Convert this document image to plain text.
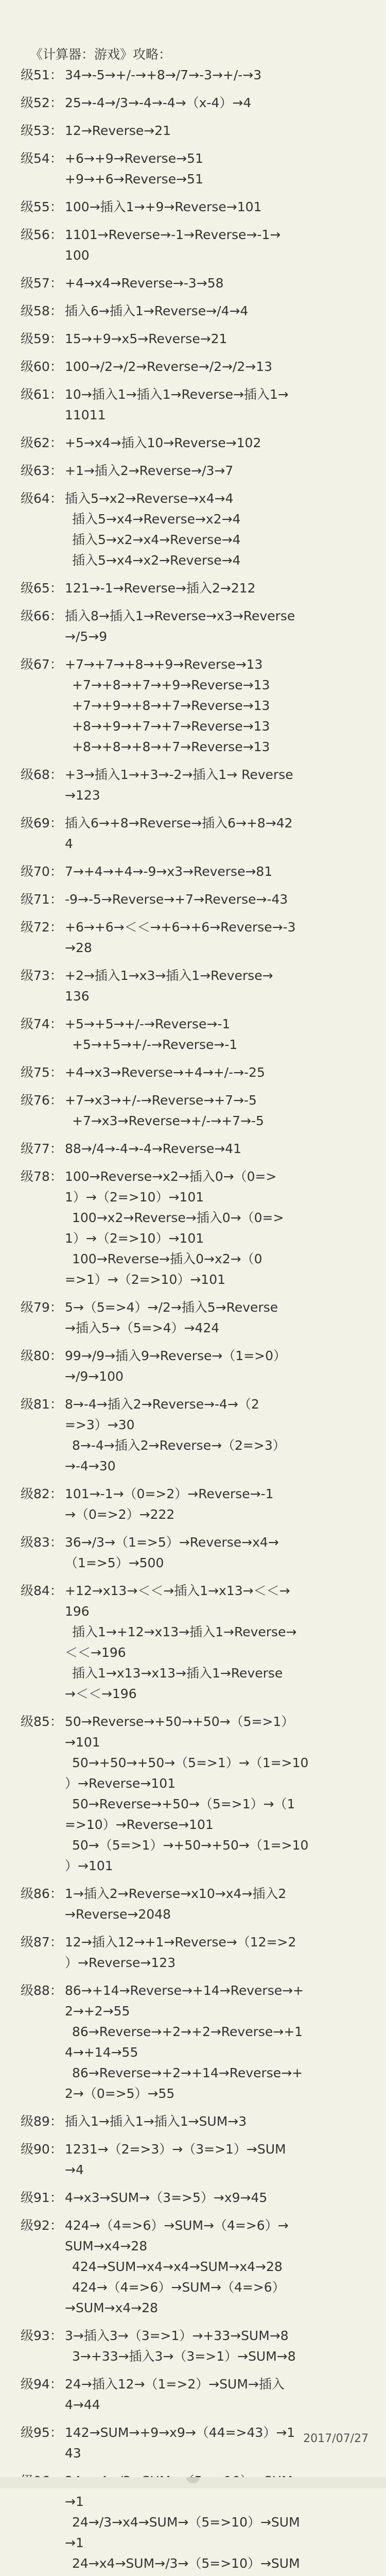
《计算器：游戏》攻略：
级51： 34→-5→+/-→+8→/7→-3→+/-→3
级52： 25→-4→/3→-4→-4→（x-4）→4
级53： 12→Reverse→21
级54： +6→+9→Reverse→51
+9→+6→Reverse→51
级55： 100→插入1→+9→Reverse→101
级56： 1101→Reverse→-1→Reverse→-1→
100
级57： +4→x4→Reverse→-3→58
级58： 插入6→插入1→Reverse→/4→4
级59： 15→+9→x5→Reverse→21
级60： 100→/2→/2→Reverse→/2→/2→13
级61： 10→插入1→插入1→Reverse→插入1→
11011
级62： +5→x4→插入10→Reverse→102
级63： +1→插入2→Reverse→/3→7
级64： 插入5→x2→Reverse→x4→4
插入5→x4→Reverse→x2→4
插入5→x2→x4→Reverse→4
插入5→x4→x2→Reverse→4
级65： 121→-1→Reverse→插入2→212
级66： 插入8→插入1→Reverse→x3→Reverse
→/5→9
级67： +7→+7→+8→+9→Reverse→13
+7→+8→+7→+9→Reverse→13
+7→+9→+8→+7→Reverse→13
+8→+9→+7→+7→Reverse→13
+8→+8→+8→+7→Reverse→13
级68： +3→插入1→+3→-2→插入1→ Reverse
→123
级69： 插入6→+8→Reverse→插入6→+8→42
4
级70： 7→+4→+4→-9→x3→Reverse→81
级71： -9→-5→Reverse→+7→Reverse→-43
级72： +6→+6→＜＜→+6→+6→Reverse→-3
→28
级73： +2→插入1→x3→插入1→Reverse→
136
级74： +5→+5→+/-→Reverse→-1
+5→+5→+/-→Reverse→-1
级75： +4→x3→Reverse→+4→+/-→-25
级76： +7→x3→+/-→Reverse→+7→-5
+7→x3→Reverse→+/-→+7→-5
级77： 88→/4→-4→-4→Reverse→41
级78： 100→Reverse→x2→插入0→（0=>
1）→（2=>10）→101
100→x2→Reverse→插入0→（0=>
1）→（2=>10）→101
100→Reverse→插入0→x2→（0
=>1）→（2=>10）→101
级79： 5→（5=>4）→/2→插入5→Reverse
→插入5→（5=>4）→424
级80： 99→/9→插入9→Reverse→（1=>0）
→/9→100
级81： 8→-4→插入2→Reverse→-4→（2
=>3）→30
8→-4→插入2→Reverse→（2=>3）
→-4→30
级82： 101→-1→（0=>2）→Reverse→-1
→（0=>2）→222
级83： 36→/3→（1=>5）→Reverse→x4→
（1=>5）→500
级84： +12→x13→＜＜→插入1→x13→＜＜→
196
插入1→+12→x13→插入1→Reverse→
＜＜→196
插入1→x13→x13→插入1→Reverse
→＜＜→196
级85： 50→Reverse→+50→+50→（5=>1）
→101
50→+50→+50→（5=>1）→（1=>10
）→Reverse→101
50→Reverse→+50→（5=>1）→（1
=>10）→Reverse→101
50→（5=>1）→+50→+50→（1=>10
）→101
级86： 1→插入2→Reverse→x10→x4→插入2
→Reverse→2048
级87： 12→插入12→+1→Reverse→（12=>2
）→Reverse→123
级88： 86→+14→Reverse→+14→Reverse→+
2→+2→55
86→Reverse→+2→+2→Reverse→+1
4→+14→55
86→Reverse→+2→+14→Reverse→+
2→（0=>5）→55
级89： 插入1→插入1→插入1→SUM→3
级90： 1231→（2=>3）→（3=>1）→SUM
→4
级91： 4→x3→SUM→（3=>5）→x9→45
级92： 424→（4=>6）→SUM→（4=>6）→
SUM→x4→28
424→SUM→x4→x4→SUM→x4→28
424→（4=>6）→SUM→（4=>6）
→SUM→x4→28
级93： 3→插入3→（3=>1）→+33→SUM→8
3→+33→插入3→（3=>1）→SUM→8
级94： 24→插入12→（1=>2）→SUM→插入
4→44
级95： 142→SUM→+9→x9→（44=>43）→1
43
→1
24→/3→x4→SUM→（5=>10）→SUM
→1
24→x4→SUM→/3→（5=>10）→SUM
2017/07/27
